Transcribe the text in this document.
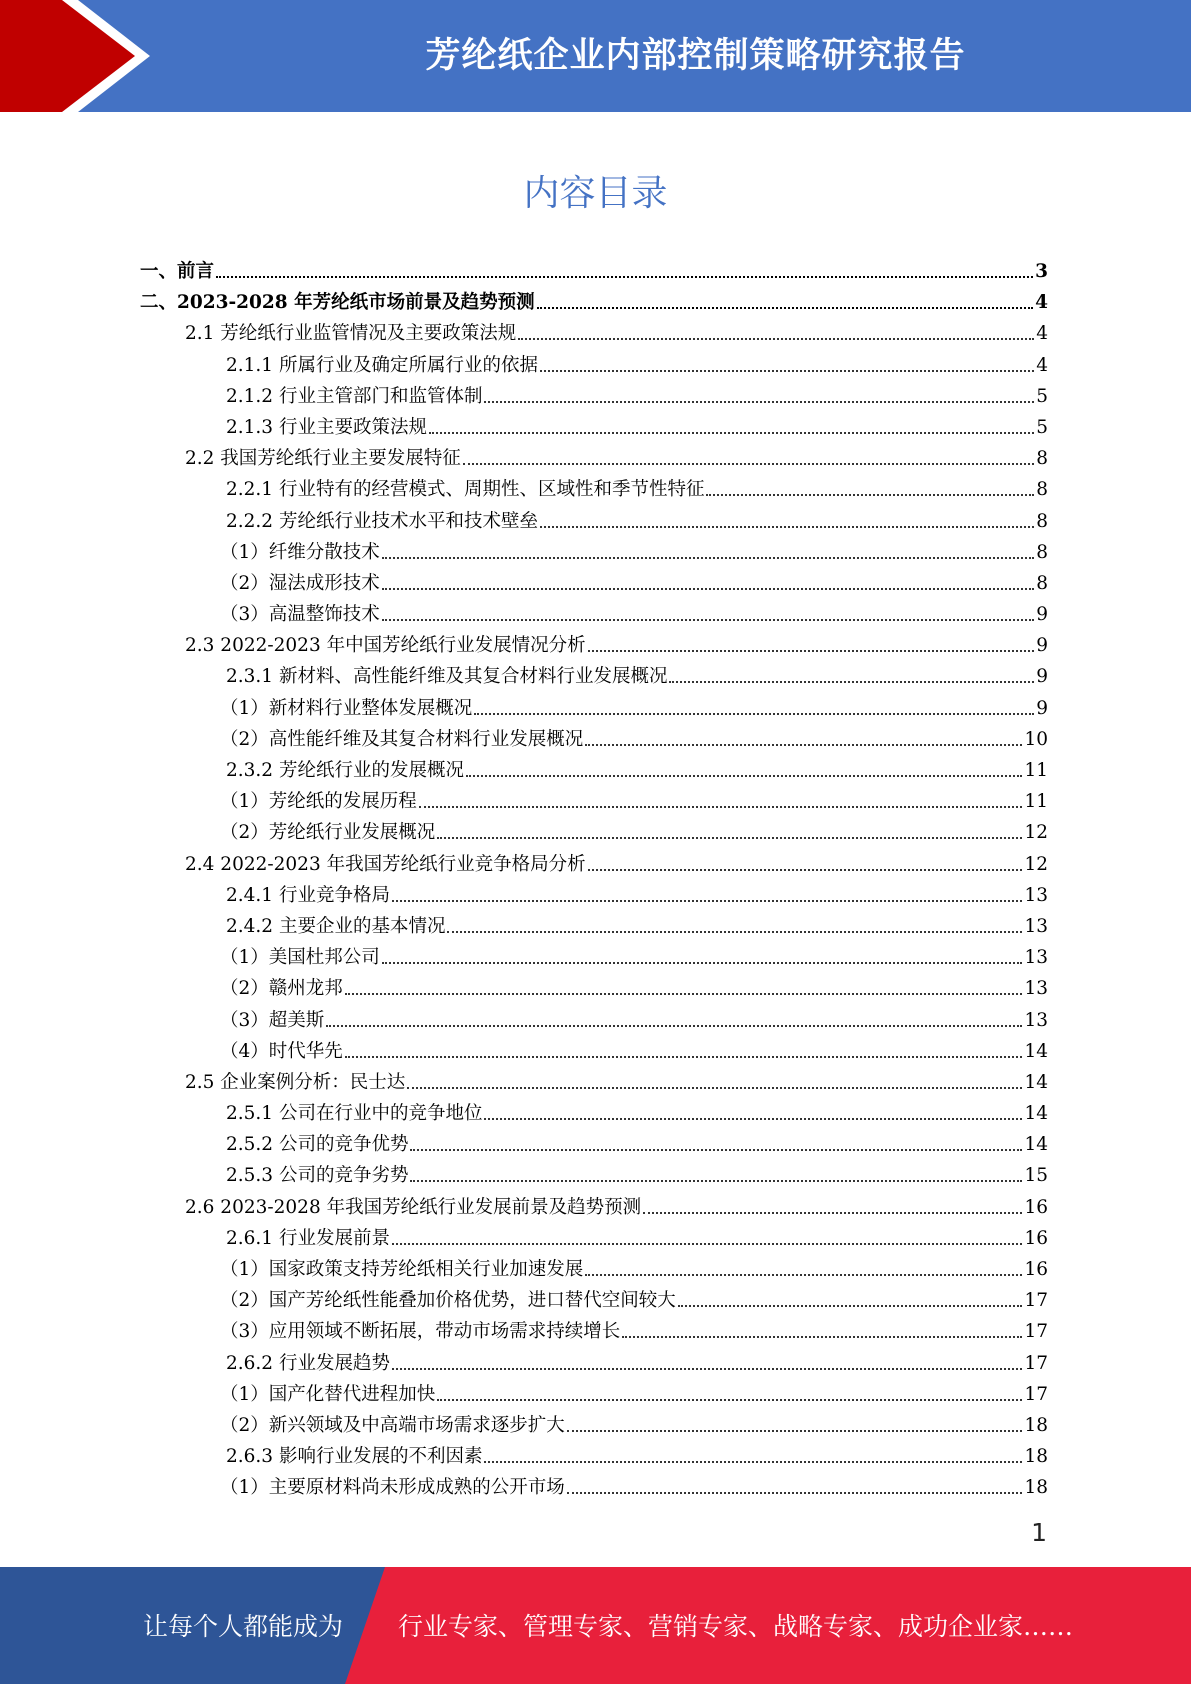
芳纶纸企业内部控制策略研究报告
内容目录
一、前言	3
二、2023-2028 年芳纶纸市场前景及趋势预测	4
2.1 芳纶纸行业监管情况及主要政策法规	4
2.1.1 所属行业及确定所属行业的依据	4
2.1.2 行业主管部门和监管体制	5
2.1.3 行业主要政策法规	5
2.2 我国芳纶纸行业主要发展特征	8
2.2.1 行业特有的经营模式、周期性、区域性和季节性特征	8
2.2.2 芳纶纸行业技术水平和技术壁垒	8
（1）纤维分散技术	8
（2）湿法成形技术	8
（3）高温整饰技术	9
2.3 2022-2023 年中国芳纶纸行业发展情况分析	9
2.3.1 新材料、高性能纤维及其复合材料行业发展概况	9
（1）新材料行业整体发展概况	9
（2）高性能纤维及其复合材料行业发展概况	10
2.3.2 芳纶纸行业的发展概况	11
（1）芳纶纸的发展历程	11
（2）芳纶纸行业发展概况	12
2.4 2022-2023 年我国芳纶纸行业竞争格局分析	12
2.4.1 行业竞争格局	13
2.4.2 主要企业的基本情况	13
（1）美国杜邦公司	13
（2）赣州龙邦	13
（3）超美斯	13
（4）时代华先	14
2.5 企业案例分析：民士达	14
2.5.1 公司在行业中的竞争地位	14
2.5.2 公司的竞争优势	14
2.5.3 公司的竞争劣势	15
2.6 2023-2028 年我国芳纶纸行业发展前景及趋势预测	16
2.6.1 行业发展前景	16
（1）国家政策支持芳纶纸相关行业加速发展	16
（2）国产芳纶纸性能叠加价格优势，进口替代空间较大	17
（3）应用领域不断拓展，带动市场需求持续增长	17
2.6.2 行业发展趋势	17
（1）国产化替代进程加快	17
（2）新兴领域及中高端市场需求逐步扩大	18
2.6.3 影响行业发展的不利因素	18
（1）主要原材料尚未形成成熟的公开市场	18
1
让每个人都能成为 行业专家、管理专家、营销专家、战略专家、成功企业家……
